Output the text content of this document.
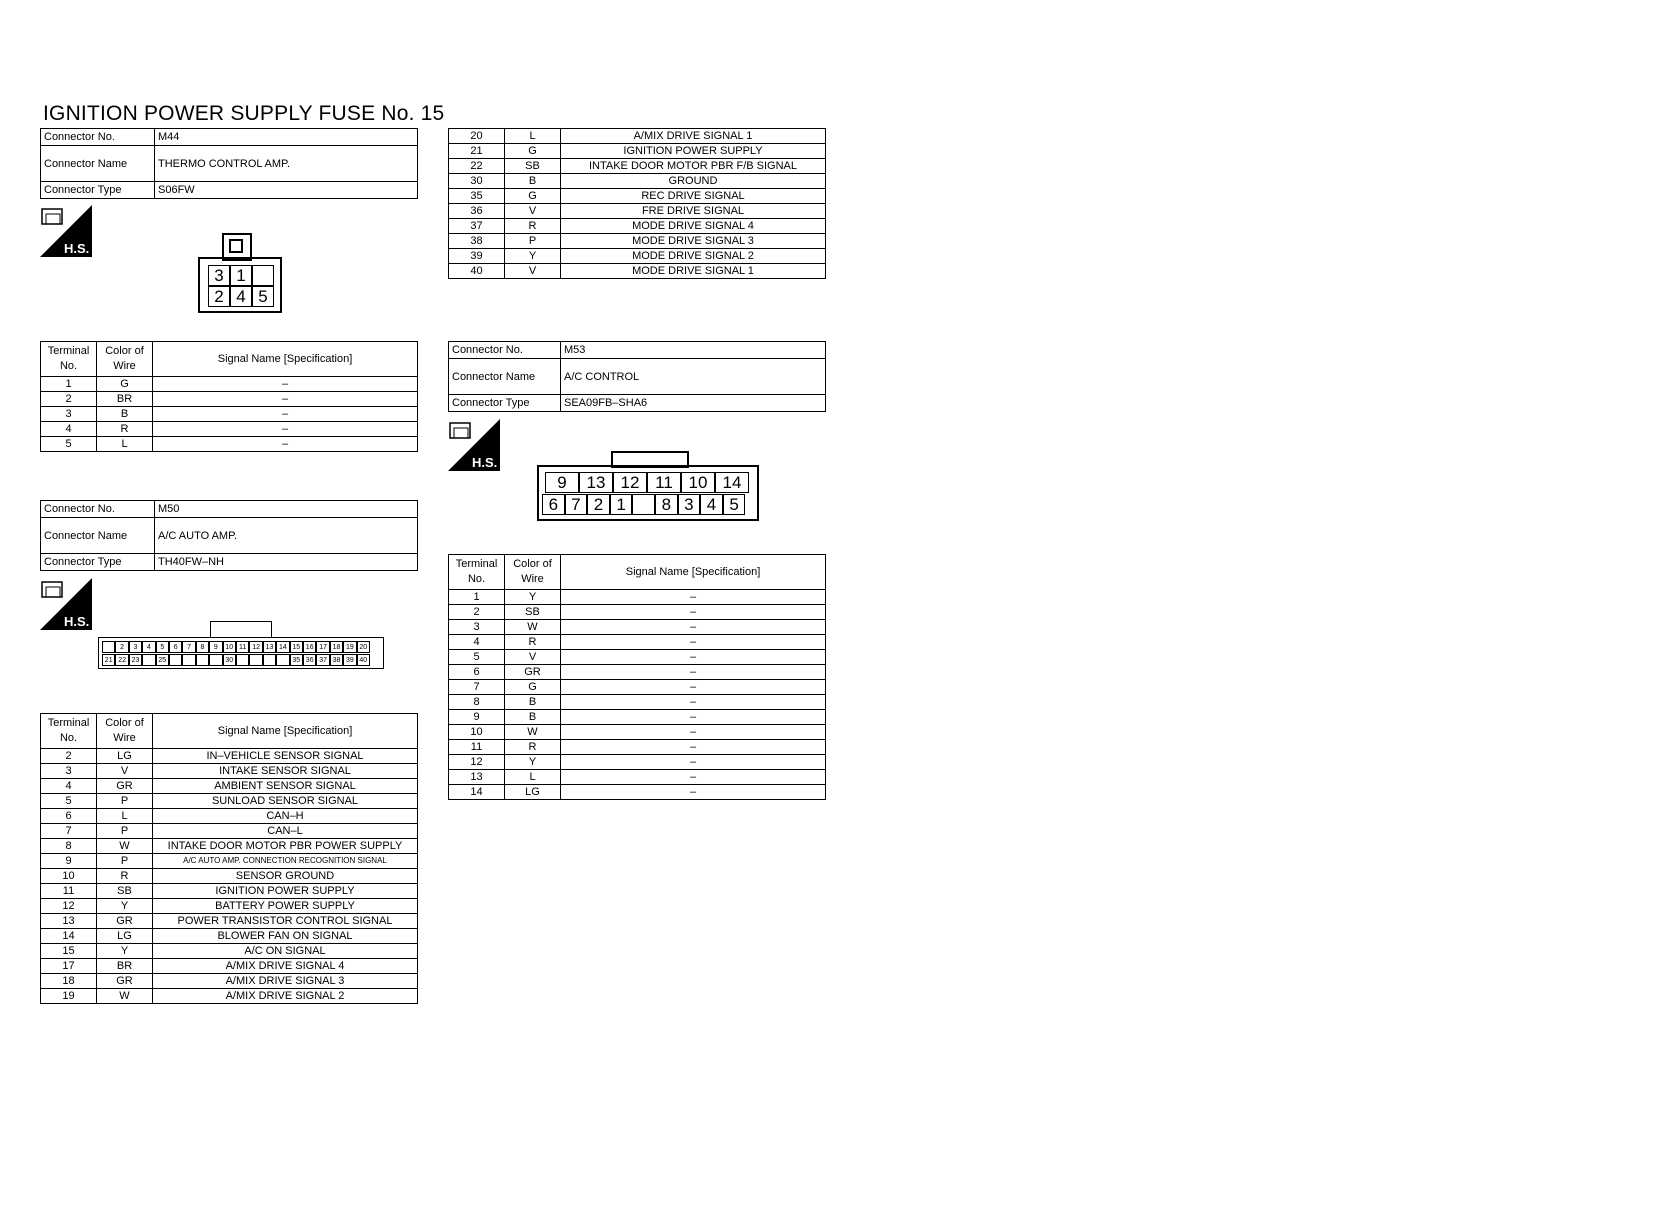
IGNITION POWER SUPPLY FUSE No. 15
Connector No.	M44
Connector Name	THERMO CONTROL AMP.
Connector Type	S06FW
H.S.
3 1
2 4 5
Terminal No.	Color of Wire	Signal Name [Specification]
1	G	–
2	BR	–
3	B	–
4	R	–
5	L	–
Connector No.	M50
Connector Name	A/C AUTO AMP.
Connector Type	TH40FW–NH
H.S.
2	3	4	5	6	7	8	9	10 11 12 13 14 15 16 17 18 19 20
21 22 23	25	30	35 36 37 38 39 40
Terminal No.	Color of Wire	Signal Name [Specification]
2	LG	IN–VEHICLE SENSOR SIGNAL
3	V	INTAKE SENSOR SIGNAL
4	GR	AMBIENT SENSOR SIGNAL
5	P	SUNLOAD SENSOR SIGNAL
6	L	CAN–H
7	P	CAN–L
8	W	INTAKE DOOR MOTOR PBR POWER SUPPLY
9	P	A/C AUTO AMP. CONNECTION RECOGNITION SIGNAL
10	R	SENSOR GROUND
11	SB	IGNITION POWER SUPPLY
12	Y	BATTERY POWER SUPPLY
13	GR	POWER TRANSISTOR CONTROL SIGNAL
14	LG	BLOWER FAN ON SIGNAL
15	Y	A/C ON SIGNAL
17	BR	A/MIX DRIVE SIGNAL 4
18	GR	A/MIX DRIVE SIGNAL 3
19	W	A/MIX DRIVE SIGNAL 2
20	L	A/MIX DRIVE SIGNAL 1
21	G	IGNITION POWER SUPPLY
22	SB	INTAKE DOOR MOTOR PBR F/B SIGNAL
30	B	GROUND
35	G	REC DRIVE SIGNAL
36	V	FRE DRIVE SIGNAL
37	R	MODE DRIVE SIGNAL 4
38	P	MODE DRIVE SIGNAL 3
39	Y	MODE DRIVE SIGNAL 2
40	V	MODE DRIVE SIGNAL 1
Connector No.	M53
Connector Name	A/C CONTROL
Connector Type	SEA09FB–SHA6
H.S.
9	13 12 11 10 14
6 7 2 1	8 3 4 5
Terminal No.	Color of Wire	Signal Name [Specification]
1	Y	–
2	SB	–
3	W	–
4	R	–
5	V	–
6	GR	–
7	G	–
8	B	–
9	B	–
10	W	–
11	R	–
12	Y	–
13	L	–
14	LG	–
